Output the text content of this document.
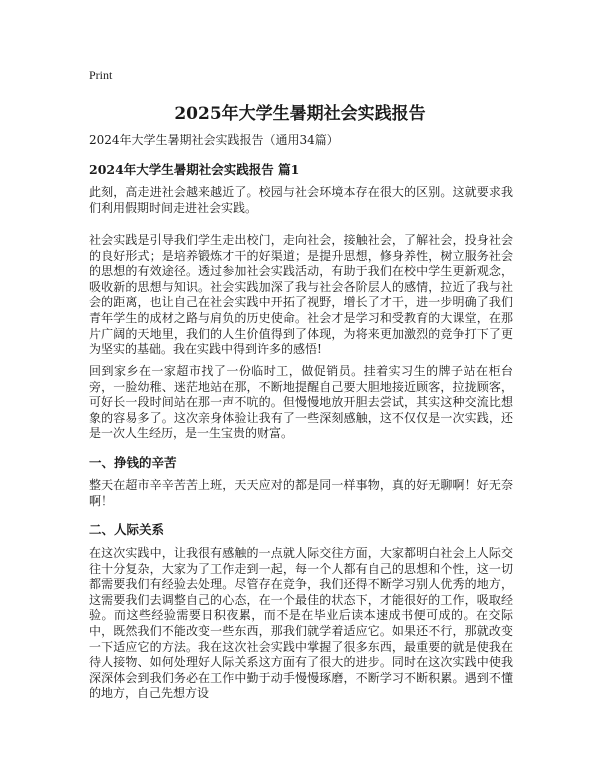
Print
2025年大学生暑期社会实践报告
2024年大学生暑期社会实践报告（通用34篇）
2024年大学生暑期社会实践报告 篇1
此刻，高走进社会越来越近了。校园与社会环境本存在很大的区别。这就要求我们利用假期时间走进社会实践。
社会实践是引导我们学生走出校门，走向社会，接触社会，了解社会，投身社会的良好形式；是培养锻炼才干的好渠道；是提升思想，修身养性，树立服务社会的思想的有效途径。透过参加社会实践活动，有助于我们在校中学生更新观念，吸收新的思想与知识。社会实践加深了我与社会各阶层人的感情，拉近了我与社会的距离，也让自己在社会实践中开拓了视野，增长了才干，进一步明确了我们青年学生的成材之路与肩负的历史使命。社会才是学习和受教育的大课堂，在那片广阔的天地里，我们的人生价值得到了体现，为将来更加激烈的竞争打下了更为坚实的基础。我在实践中得到许多的感悟!
回到家乡在一家超市找了一份临时工，做促销员。挂着实习生的牌子站在柜台旁，一脸幼稚、迷茫地站在那，不断地提醒自己要大胆地接近顾客，拉拢顾客，可好长一段时间站在那一声不吭的。但慢慢地放开胆去尝试，其实这种交流比想象的容易多了。这次亲身体验让我有了一些深刻感触，这不仅仅是一次实践，还是一次人生经历，是一生宝贵的财富。
一、挣钱的辛苦
整天在超市辛辛苦苦上班，天天应对的都是同一样事物，真的好无聊啊！好无奈啊！
二、人际关系
在这次实践中，让我很有感触的一点就人际交往方面，大家都明白社会上人际交往十分复杂，大家为了工作走到一起，每一个人都有自己的思想和个性，这一切都需要我们有经验去处理。尽管存在竞争，我们还得不断学习别人优秀的地方，这需要我们去调整自己的心态，在一个最佳的状态下，才能很好的工作，吸取经验。而这些经验需要日积夜累，而不是在毕业后读本速成书便可成的。在交际中，既然我们不能改变一些东西，那我们就学着适应它。如果还不行，那就改变一下适应它的方法。我在这次社会实践中掌握了很多东西，最重要的就是使我在待人接物、如何处理好人际关系这方面有了很大的进步。同时在这次实践中使我深深体会到我们务必在工作中勤于动手慢慢琢磨，不断学习不断积累。遇到不懂的地方，自己先想方设
